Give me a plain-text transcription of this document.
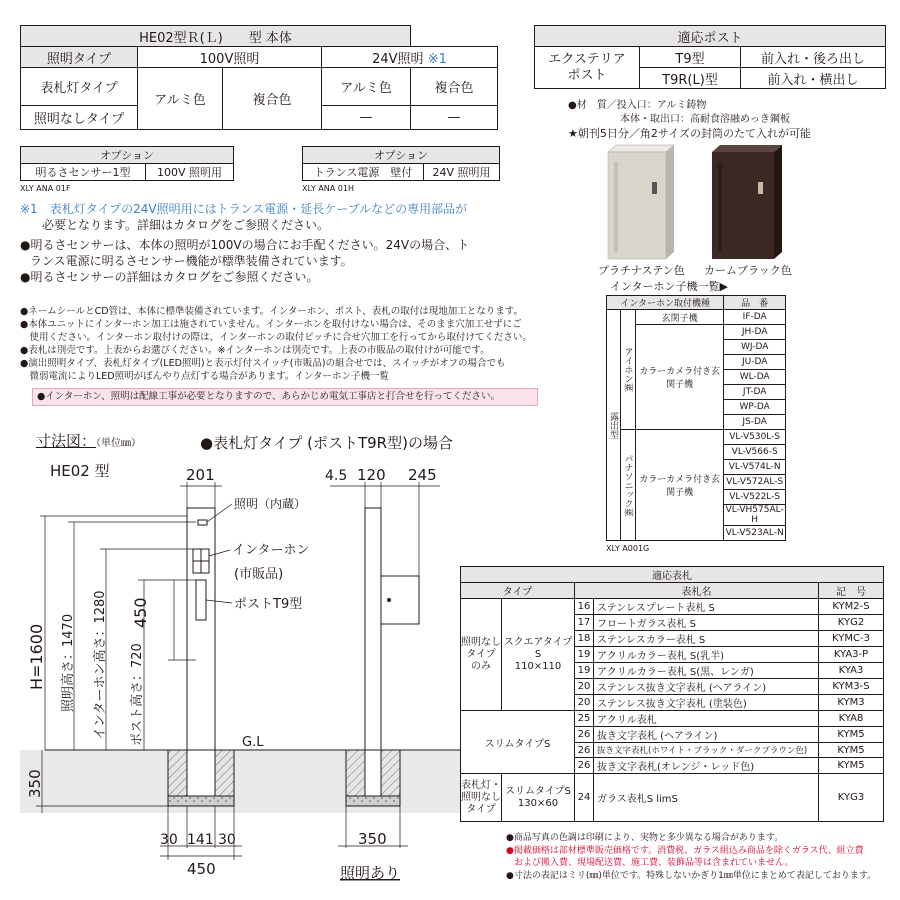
HE02型Ｒ(Ｌ)　　型 本体				
照明タイプ	100V照明		24V照明 ※1	
表札灯タイプ	アルミ色	複合色	アルミ色	複合色
照明なしタイプ			—	—
適応ポスト		
エクステリア
ポスト	T9型	前入れ・後ろ出し
	T9R(L)型	前入れ・横出し
●材　質／投入口：アルミ鋳物
本体・取出口：高耐食溶融めっき鋼板
★朝刊5日分／角2サイズの封筒のたて入れが可能
プラチナステン色 カームブラック色
オプション
明るさセンサー1型	100V 照明用
XLY ANA 01F
オプション
トランス電源　壁付	24V 照明用
XLY ANA 01H
※1　表札灯タイプの24V照明用にはトランス電源・延長ケーブルなどの専用部品が
必要となります。詳細はカタログをご参照ください。
●明るさセンサーは、本体の照明が100Vの場合にお手配ください。24Vの場合、ト
ランス電源に明るさセンサー機能が標準装備されています。
●明るさセンサーの詳細はカタログをご参照ください。
●ネームシールとCD管は、本体に標準装備されています。インターホン、ポスト、表札の取付は現地加工となります。
●本体ユニットにインターホン加工は施されていません。インターホンを取付けない場合は、そのまま穴加工せずにご
　使用ください。インターホン取付けの際は、インターホンの取付ピッチに合せ穴加工を行ってから取付けてください。
●表札は別売です。上表からお選びください。※インターホンは別売です。上表の市販品の取付けが可能です。
●演出照明タイプ、表札灯タイプ(LED照明)と表示灯付スイッチ(市販品)の組合せでは、スイッチがオフの場合でも
　微弱電流によりLED照明がぼんやり点灯する場合があります。インターホン子機一覧
●インターホン、照明は配線工事が必要となりますので、あらかじめ電気工事店と打合せを行ってください。
インターホン子機一覧▶
インターホン取付機種			品　番
露出型	アイホン㈱	玄関子機	IF-DA
		カラーカメラ付き玄関子機	JH-DA
			WJ-DA
			JU-DA
			WL-DA
			JT-DA
			WP-DA
			JS-DA
	パナソニック㈱	カラーカメラ付き玄関子機	VL-V530L-S
			VL-V566-S
			VL-V574L-N
			VL-V572AL-S
			VL-V522L-S
			VL-VH575AL-H
			VL-V523AL-N
XLY A001G
寸法図：（単位㎜）	●表札灯タイプ (ポストT9R型)の場合
HE02 型
G.L
201	4.5 120 245
照明（内蔵）
インターホン
(市販品)
ポストT9型
H=1600 照明高さ：1470 インターホン高さ：1280 ポスト高さ：720
450
350
30 141 30
450
350
照明あり
適応表札				
タイプ		表札名		記　号
照明なし
タイプ
のみ	スクエアタイプS
110×110	16	ステンレスプレート表札 S	KYM2-S
		17	フロートガラス表札 S	KYG2
		18	ステンレスカラー表札 S	KYMC-3
		19	アクリルカラー表札 S(乳半)	KYA3-P
		19	アクリルカラー表札 S(黒、レンガ)	KYA3
		20	ステンレス抜き文字表札 (ヘアライン)	KYM3-S
		20	ステンレス抜き文字表札 (塗装色)	KYM3
スリムタイプS		25	アクリル表札	KYA8
		26	抜き文字表札 (ヘアライン)	KYM5
		26	抜き文字表札(ホワイト・ブラック・ダークブラウン色)	KYM5
		26	抜き文字表札(オレンジ・レッド色)	KYM5
表札灯・
照明なし
タイプ	スリムタイプS
130×60	24	ガラス表札S limS	KYG3
●商品写真の色調は印刷により、実物と多少異なる場合があります。
●掲載価格は部材標準販売価格です。消費税、ガラス組込み商品を除くガラス代、組立費
および搬入費、現場配送費、施工費、装飾品等は含まれていません。
●寸法の表記はミリ(㎜)単位です。特殊しないかぎり1㎜単位にまとめて表記しております。
